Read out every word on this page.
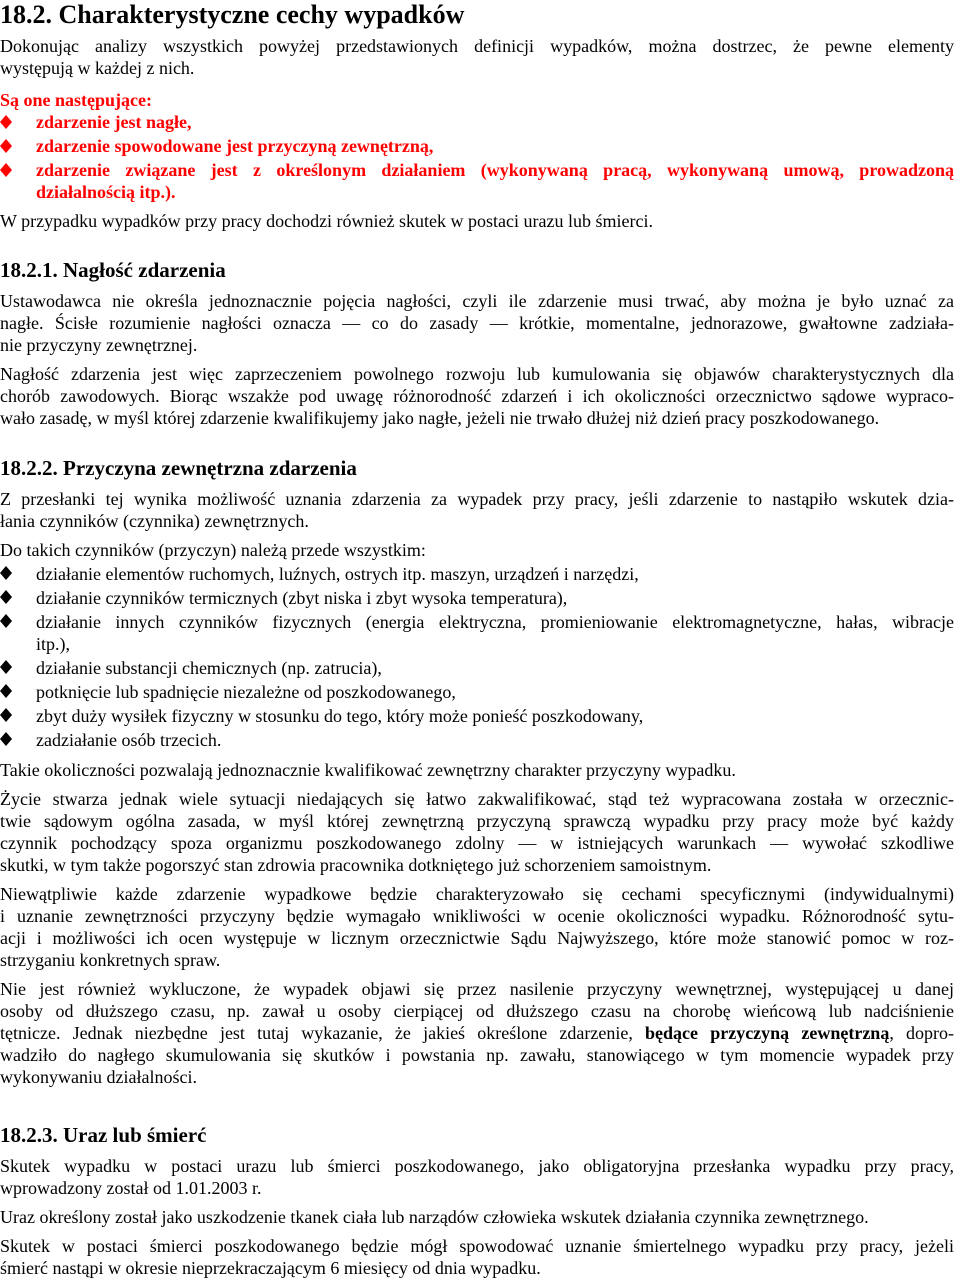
18.2. Charakterystyczne cechy wypadków
Dokonując analizy wszystkich powyżej przedstawionych definicji wypadków, można dostrzec, że pewne elementy
występują w każdej z nich.
Są one następujące:
zdarzenie jest nagłe,
zdarzenie spowodowane jest przyczyną zewnętrzną,
zdarzenie związane jest z określonym działaniem (wykonywaną pracą, wykonywaną umową, prowadzoną
działalnością itp.).
W przypadku wypadków przy pracy dochodzi również skutek w postaci urazu lub śmierci.
18.2.1. Nagłość zdarzenia
Ustawodawca nie określa jednoznacznie pojęcia nagłości, czyli ile zdarzenie musi trwać, aby można je było uznać za
nagłe. Ścisłe rozumienie nagłości oznacza — co do zasady — krótkie, momentalne, jednorazowe, gwałtowne zadziała-
nie przyczyny zewnętrznej.
Nagłość zdarzenia jest więc zaprzeczeniem powolnego rozwoju lub kumulowania się objawów charakterystycznych dla
chorób zawodowych. Biorąc wszakże pod uwagę różnorodność zdarzeń i ich okoliczności orzecznictwo sądowe wypraco-
wało zasadę, w myśl której zdarzenie kwalifikujemy jako nagłe, jeżeli nie trwało dłużej niż dzień pracy poszkodowanego.
18.2.2. Przyczyna zewnętrzna zdarzenia
Z przesłanki tej wynika możliwość uznania zdarzenia za wypadek przy pracy, jeśli zdarzenie to nastąpiło wskutek dzia-
łania czynników (czynnika) zewnętrznych.
Do takich czynników (przyczyn) należą przede wszystkim:
działanie elementów ruchomych, luźnych, ostrych itp. maszyn, urządzeń i narzędzi,
działanie czynników termicznych (zbyt niska i zbyt wysoka temperatura),
działanie innych czynników fizycznych (energia elektryczna, promieniowanie elektromagnetyczne, hałas, wibracje
itp.),
działanie substancji chemicznych (np. zatrucia),
potknięcie lub spadnięcie niezależne od poszkodowanego,
zbyt duży wysiłek fizyczny w stosunku do tego, który może ponieść poszkodowany,
zadziałanie osób trzecich.
Takie okoliczności pozwalają jednoznacznie kwalifikować zewnętrzny charakter przyczyny wypadku.
Życie stwarza jednak wiele sytuacji niedających się łatwo zakwalifikować, stąd też wypracowana została w orzecznic-
twie sądowym ogólna zasada, w myśl której zewnętrzną przyczyną sprawczą wypadku przy pracy może być każdy
czynnik pochodzący spoza organizmu poszkodowanego zdolny — w istniejących warunkach — wywołać szkodliwe
skutki, w tym także pogorszyć stan zdrowia pracownika dotkniętego już schorzeniem samoistnym.
Niewątpliwie każde zdarzenie wypadkowe będzie charakteryzowało się cechami specyficznymi (indywidualnymi)
i uznanie zewnętrzności przyczyny będzie wymagało wnikliwości w ocenie okoliczności wypadku. Różnorodność sytu-
acji i możliwości ich ocen występuje w licznym orzecznictwie Sądu Najwyższego, które może stanowić pomoc w roz-
strzyganiu konkretnych spraw.
Nie jest również wykluczone, że wypadek objawi się przez nasilenie przyczyny wewnętrznej, występującej u danej
osoby od dłuższego czasu, np. zawał u osoby cierpiącej od dłuższego czasu na chorobę wieńcową lub nadciśnienie
tętnicze. Jednak niezbędne jest tutaj wykazanie, że jakieś określone zdarzenie, będące przyczyną zewnętrzną, dopro-
wadziło do nagłego skumulowania się skutków i powstania np. zawału, stanowiącego w tym momencie wypadek przy
wykonywaniu działalności.
18.2.3. Uraz lub śmierć
Skutek wypadku w postaci urazu lub śmierci poszkodowanego, jako obligatoryjna przesłanka wypadku przy pracy,
wprowadzony został od 1.01.2003 r.
Uraz określony został jako uszkodzenie tkanek ciała lub narządów człowieka wskutek działania czynnika zewnętrznego.
Skutek w postaci śmierci poszkodowanego będzie mógł spowodować uznanie śmiertelnego wypadku przy pracy, jeżeli
śmierć nastąpi w okresie nieprzekraczającym 6 miesięcy od dnia wypadku.
